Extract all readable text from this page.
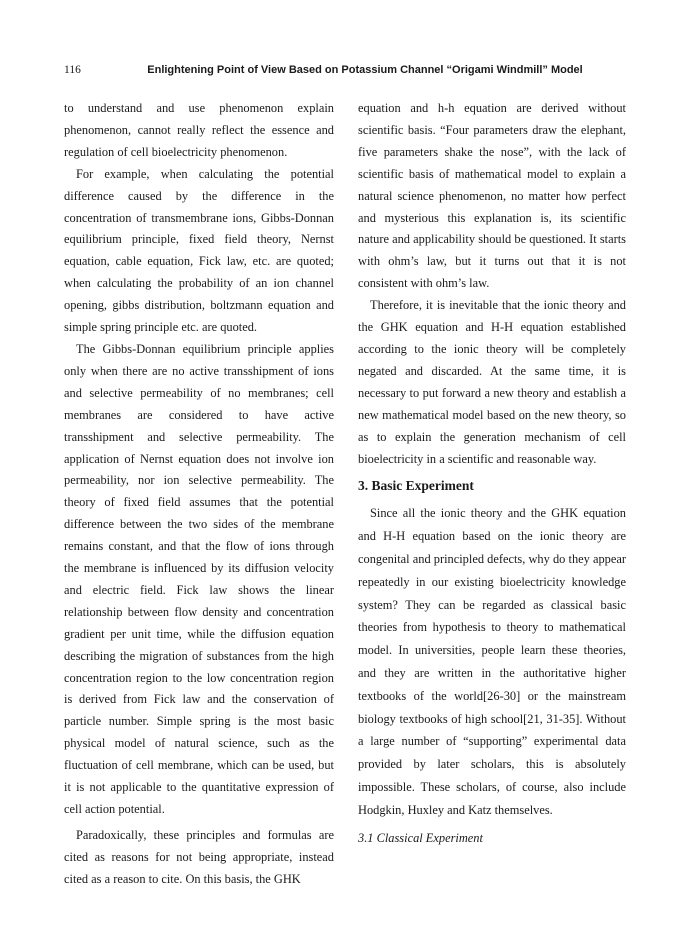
116	Enlightening Point of View Based on Potassium Channel “Origami Windmill” Model

to understand and use phenomenon explain phenomenon, cannot really reflect the essence and regulation of cell bioelectricity phenomenon.

For example, when calculating the potential difference caused by the difference in the concentration of transmembrane ions, Gibbs-Donnan equilibrium principle, fixed field theory, Nernst equation, cable equation, Fick law, etc. are quoted; when calculating the probability of an ion channel opening, gibbs distribution, boltzmann equation and simple spring principle etc. are quoted.

The Gibbs-Donnan equilibrium principle applies only when there are no active transshipment of ions and selective permeability of no membranes; cell membranes are considered to have active transshipment and selective permeability. The application of Nernst equation does not involve ion permeability, nor ion selective permeability. The theory of fixed field assumes that the potential difference between the two sides of the membrane remains constant, and that the flow of ions through the membrane is influenced by its diffusion velocity and electric field. Fick law shows the linear relationship between flow density and concentration gradient per unit time, while the diffusion equation describing the migration of substances from the high concentration region to the low concentration region is derived from Fick law and the conservation of particle number. Simple spring is the most basic physical model of natural science, such as the fluctuation of cell membrane, which can be used, but it is not applicable to the quantitative expression of cell action potential.

Paradoxically, these principles and formulas are cited as reasons for not being appropriate, instead cited as a reason to cite. On this basis, the GHK

equation and h-h equation are derived without scientific basis. “Four parameters draw the elephant, five parameters shake the nose”, with the lack of scientific basis of mathematical model to explain a natural science phenomenon, no matter how perfect and mysterious this explanation is, its scientific nature and applicability should be questioned. It starts with ohm’s law, but it turns out that it is not consistent with ohm’s law.

Therefore, it is inevitable that the ionic theory and the GHK equation and H-H equation established according to the ionic theory will be completely negated and discarded. At the same time, it is necessary to put forward a new theory and establish a new mathematical model based on the new theory, so as to explain the generation mechanism of cell bioelectricity in a scientific and reasonable way.

3. Basic Experiment

Since all the ionic theory and the GHK equation and H-H equation based on the ionic theory are congenital and principled defects, why do they appear repeatedly in our existing bioelectricity knowledge system? They can be regarded as classical basic theories from hypothesis to theory to mathematical model. In universities, people learn these theories, and they are written in the authoritative higher textbooks of the world[26-30] or the mainstream biology textbooks of high school[21, 31-35]. Without a large number of “supporting” experimental data provided by later scholars, this is absolutely impossible. These scholars, of course, also include Hodgkin, Huxley and Katz themselves.

3.1 Classical Experiment
